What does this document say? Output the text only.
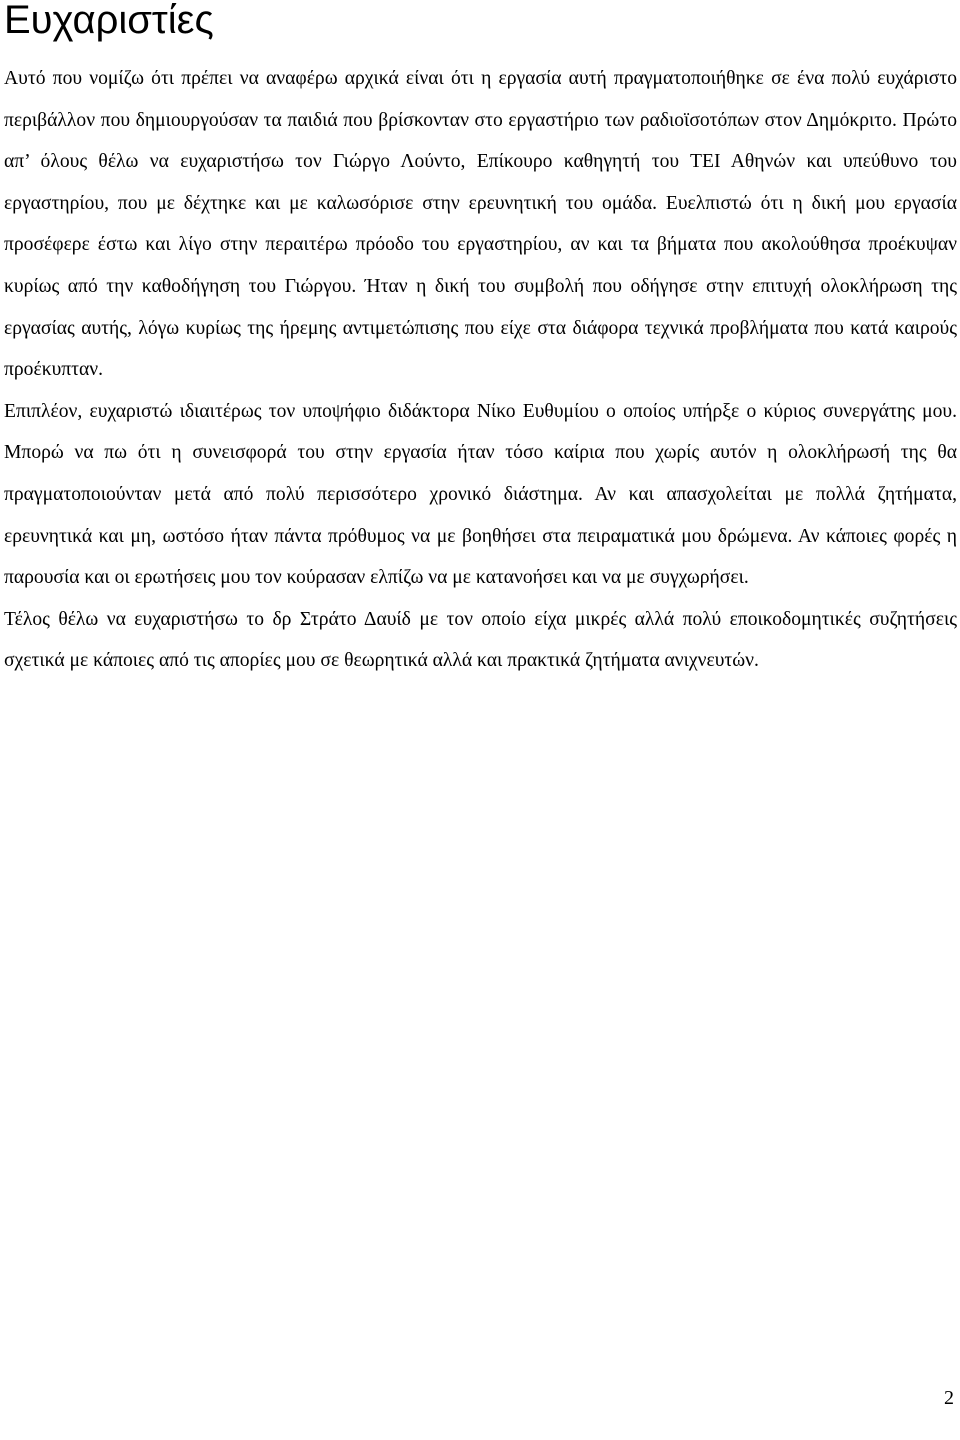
Ευχαριστίες

Αυτό που νομίζω ότι πρέπει να αναφέρω αρχικά είναι ότι η εργασία αυτή πραγματοποιήθηκε σε ένα πολύ ευχάριστο περιβάλλον που δημιουργούσαν τα παιδιά που βρίσκονταν στο εργαστήριο των ραδιοϊσοτόπων στον Δημόκριτο. Πρώτο απ’ όλους θέλω να ευχαριστήσω τον Γιώργο Λούντο, Επίκουρο καθηγητή του ΤΕΙ Αθηνών και υπεύθυνο του εργαστηρίου, που με δέχτηκε και με καλωσόρισε στην ερευνητική του ομάδα. Ευελπιστώ ότι η δική μου εργασία προσέφερε έστω και λίγο στην περαιτέρω πρόοδο του εργαστηρίου, αν και τα βήματα που ακολούθησα προέκυψαν κυρίως από την καθοδήγηση του Γιώργου. Ήταν η δική του συμβολή που οδήγησε στην επιτυχή ολοκλήρωση της εργασίας αυτής, λόγω κυρίως της ήρεμης αντιμετώπισης που είχε στα διάφορα τεχνικά προβλήματα που κατά καιρούς προέκυπταν.

Επιπλέον, ευχαριστώ ιδιαιτέρως τον υποψήφιο διδάκτορα Νίκο Ευθυμίου ο οποίος υπήρξε ο κύριος συνεργάτης μου. Μπορώ να πω ότι η συνεισφορά του στην εργασία ήταν τόσο καίρια που χωρίς αυτόν η ολοκλήρωσή της θα πραγματοποιούνταν μετά από πολύ περισσότερο χρονικό διάστημα. Αν και απασχολείται με πολλά ζητήματα, ερευνητικά και μη, ωστόσο ήταν πάντα πρόθυμος να με βοηθήσει στα πειραματικά μου δρώμενα. Αν κάποιες φορές η παρουσία και οι ερωτήσεις μου τον κούρασαν ελπίζω να με κατανοήσει και να με συγχωρήσει.

Τέλος θέλω να ευχαριστήσω το δρ Στράτο Δαυίδ με τον οποίο είχα μικρές αλλά πολύ εποικοδομητικές συζητήσεις σχετικά με κάποιες από τις απορίες μου σε θεωρητικά αλλά και πρακτικά ζητήματα ανιχνευτών.

2
